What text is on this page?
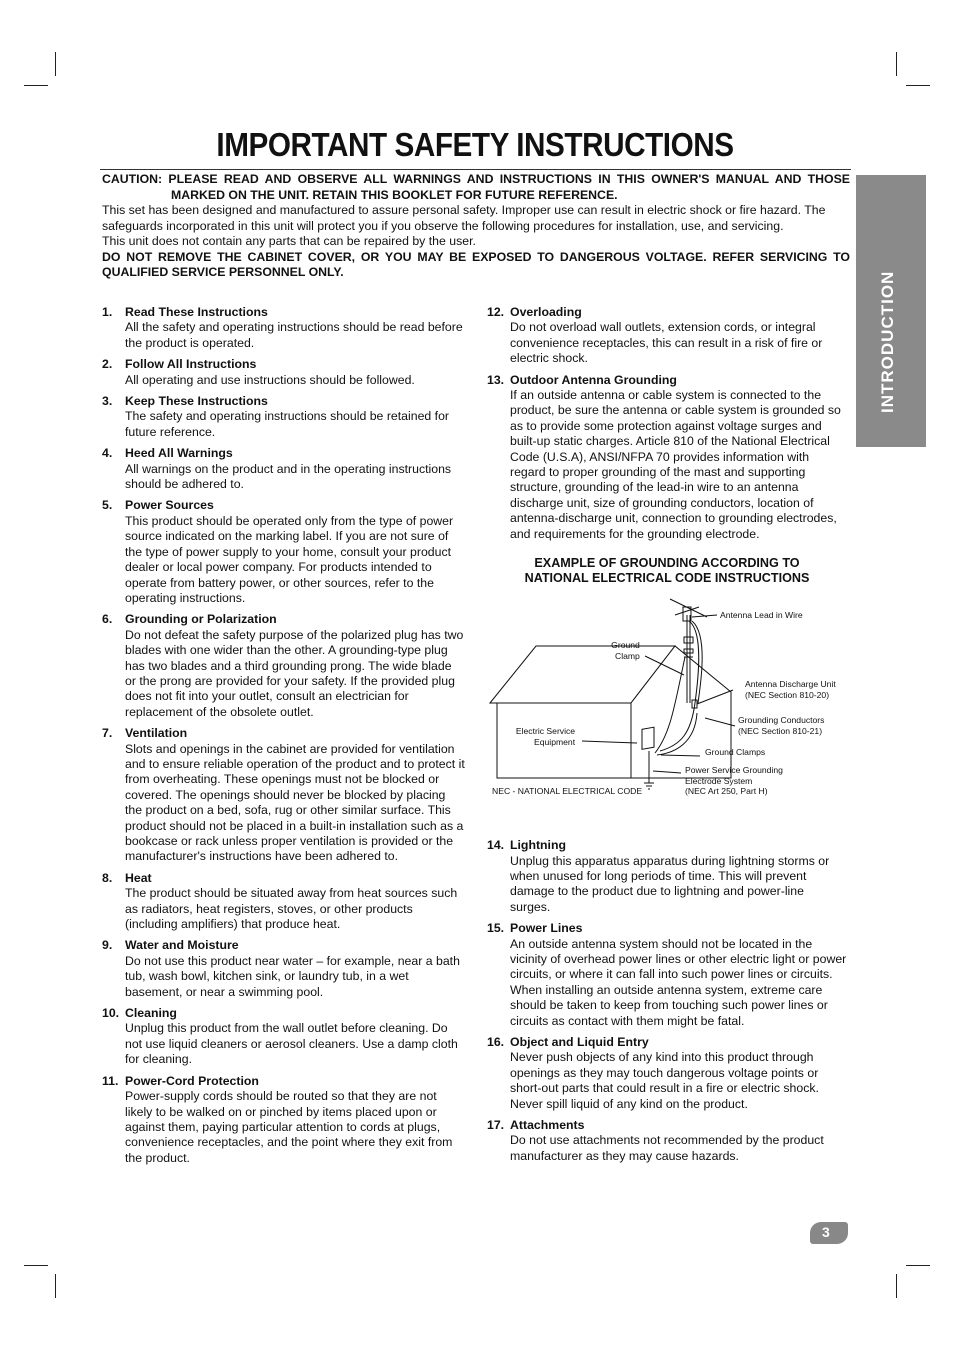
IMPORTANT SAFETY INSTRUCTIONS

CAUTION: PLEASE READ AND OBSERVE ALL WARNINGS AND INSTRUCTIONS IN THIS OWNER'S MANUAL AND THOSE MARKED ON THE UNIT. RETAIN THIS BOOKLET FOR FUTURE REFERENCE.

This set has been designed and manufactured to assure personal safety. Improper use can result in electric shock or fire hazard. The safeguards incorporated in this unit will protect you if you observe the following procedures for installation, use, and servicing.

This unit does not contain any parts that can be repaired by the user.

DO NOT REMOVE THE CABINET COVER, OR YOU MAY BE EXPOSED TO DANGEROUS VOLTAGE. REFER SERVICING TO QUALIFIED SERVICE PERSONNEL ONLY.	INTRODUCTION
1.	Read These Instructions
All the safety and operating instructions should be read before the product is operated.
2.	Follow All Instructions
All operating and use instructions should be followed.
3.	Keep These Instructions
The safety and operating instructions should be retained for future reference.
4.	Heed All Warnings
All warnings on the product and in the operating instructions should be adhered to.
5.	Power Sources
This product should be operated only from the type of power source indicated on the marking label. If you are not sure of the type of power supply to your home, consult your product dealer or local power company. For products intended to operate from battery power, or other sources, refer to the operating instructions.
6.	Grounding or Polarization
Do not defeat the safety purpose of the polarized plug has two blades with one wider than the other. A grounding-type plug has two blades and a third grounding prong. The wide blade or the prong are provided for your safety. If the provided plug does not fit into your outlet, consult an electrician for replacement of the obsolete outlet.
7.	Ventilation
Slots and openings in the cabinet are provided for ventilation and to ensure reliable operation of the product and to protect it from overheating. These openings must not be blocked or covered. The openings should never be blocked by placing the product on a bed, sofa, rug or other similar surface. This product should not be placed in a built-in installation such as a bookcase or rack unless proper ventilation is provided or the manufacturer's instructions have been adhered to.
8.	Heat
The product should be situated away from heat sources such as radiators, heat registers, stoves, or other products (including amplifiers) that produce heat.
9.	Water and Moisture
Do not use this product near water – for example, near a bath tub, wash bowl, kitchen sink, or laundry tub, in a wet basement, or near a swimming pool.
10. Cleaning
Unplug this product from the wall outlet before cleaning. Do not use liquid cleaners or aerosol cleaners. Use a damp cloth for cleaning.
11. Power-Cord Protection
Power-supply cords should be routed so that they are not likely to be walked on or pinched by items placed upon or against them, paying particular attention to cords at plugs, convenience receptacles, and the point where they exit from the product.
12. Overloading
Do not overload wall outlets, extension cords, or integral convenience receptacles, this can result in a risk of fire or electric shock.
13. Outdoor Antenna Grounding
If an outside antenna or cable system is connected to the product, be sure the antenna or cable system is grounded so as to provide some protection against voltage surges and built-up static charges. Article 810 of the National Electrical Code (U.S.A), ANSI/NFPA 70 provides information with regard to proper grounding of the mast and supporting structure, grounding of the lead-in wire to an antenna discharge unit, size of grounding conductors, location of antenna-discharge unit, connection to grounding electrodes, and requirements for the grounding electrode.
EXAMPLE OF GROUNDING ACCORDING TO
NATIONAL ELECTRICAL CODE INSTRUCTIONS
Antenna Lead in Wire
Ground
Clamp
Antenna Discharge Unit
(NEC Section 810-20)
Grounding Conductors
(NEC Section 810-21)
Electric Service
Equipment
Ground Clamps
Power Service Grounding
Electrode System
(NEC Art 250, Part H)
NEC - NATIONAL ELECTRICAL CODE
14. Lightning
Unplug this apparatus apparatus during lightning storms or when unused for long periods of time. This will prevent damage to the product due to lightning and power-line surges.
15. Power Lines
An outside antenna system should not be located in the vicinity of overhead power lines or other electric light or power circuits, or where it can fall into such power lines or circuits. When installing an outside antenna system, extreme care should be taken to keep from touching such power lines or circuits as contact with them might be fatal.
16. Object and Liquid Entry
Never push objects of any kind into this product through openings as they may touch dangerous voltage points or short-out parts that could result in a fire or electric shock. Never spill liquid of any kind on the product.
17. Attachments
Do not use attachments not recommended by the product manufacturer as they may cause hazards.
3
